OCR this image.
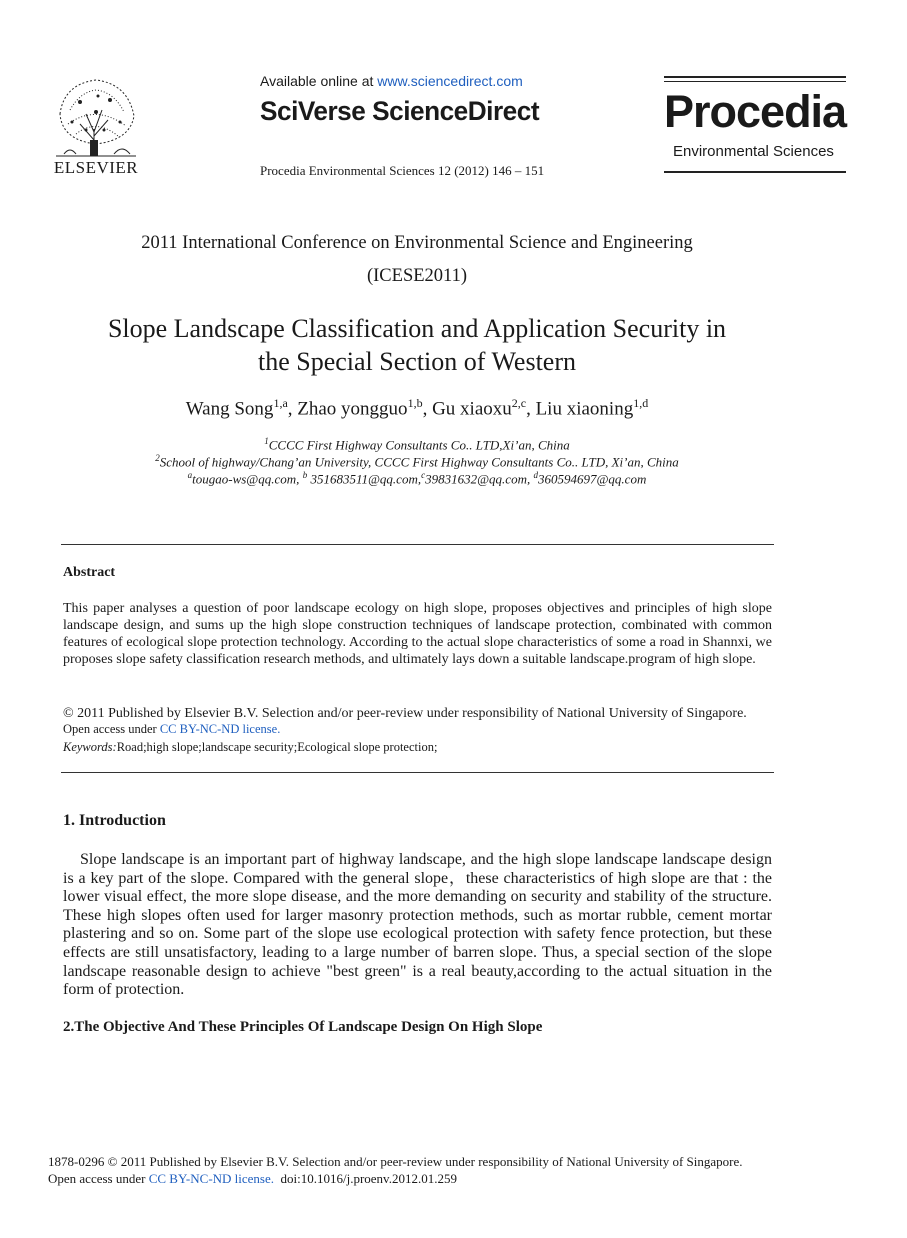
ELSEVIER
Available online at www.sciencedirect.com
SciVerse ScienceDirect
Procedia Environmental Sciences 12 (2012) 146 – 151
Procedia
Environmental Sciences
2011 International Conference on Environmental Science and Engineering
(ICESE2011)
Slope Landscape Classification and Application Security in
the Special Section of Western
Wang Song$^{1,a}$, Zhao yongguo$^{1,b}$, Gu xiaoxu$^{2,c}$, Liu xiaoning$^{1,d}$
$^1$CCCC First Highway Consultants Co.. LTD,Xi’an, China
$^2$School of highway/Chang’an University, CCCC First Highway Consultants Co.. LTD, Xi’an, China
$^a$tougao-ws@qq.com, $^b$ 351683511@qq.com,$^c$39831632@qq.com, $^d$360594697@qq.com
Abstract
This paper analyses a question of poor landscape ecology on high slope, proposes objectives and principles of high slope landscape design, and sums up the high slope construction techniques of landscape protection, combinated with common features of ecological slope protection technology. According to the actual slope characteristics of some a road in Shannxi, we proposes slope safety classification research methods, and ultimately lays down a suitable landscape.program of high slope.
© 2011 Published by Elsevier B.V. Selection and/or peer-review under responsibility of National University of Singapore.
Open access under CC BY-NC-ND license.
Keywords:Road;high slope;landscape security;Ecological slope protection;
1. Introduction
Slope landscape is an important part of highway landscape, and the high slope landscape landscape design is a key part of the slope. Compared with the general slope，these characteristics of high slope are that : the lower visual effect, the more slope disease, and the more demanding on security and stability of the structure. These high slopes often used for larger masonry protection methods, such as mortar rubble, cement mortar plastering and so on. Some part of the slope use ecological protection with safety fence protection, but these effects are still unsatisfactory, leading to a large number of barren slope. Thus, a special section of the slope landscape reasonable design to achieve "best green" is a real beauty,according to the actual situation in the form of protection.
2.The Objective And These Principles Of Landscape Design On High Slope
1878-0296 © 2011 Published by Elsevier B.V. Selection and/or peer-review under responsibility of National University of Singapore.
Open access under CC BY-NC-ND license.  doi:10.1016/j.proenv.2012.01.259
